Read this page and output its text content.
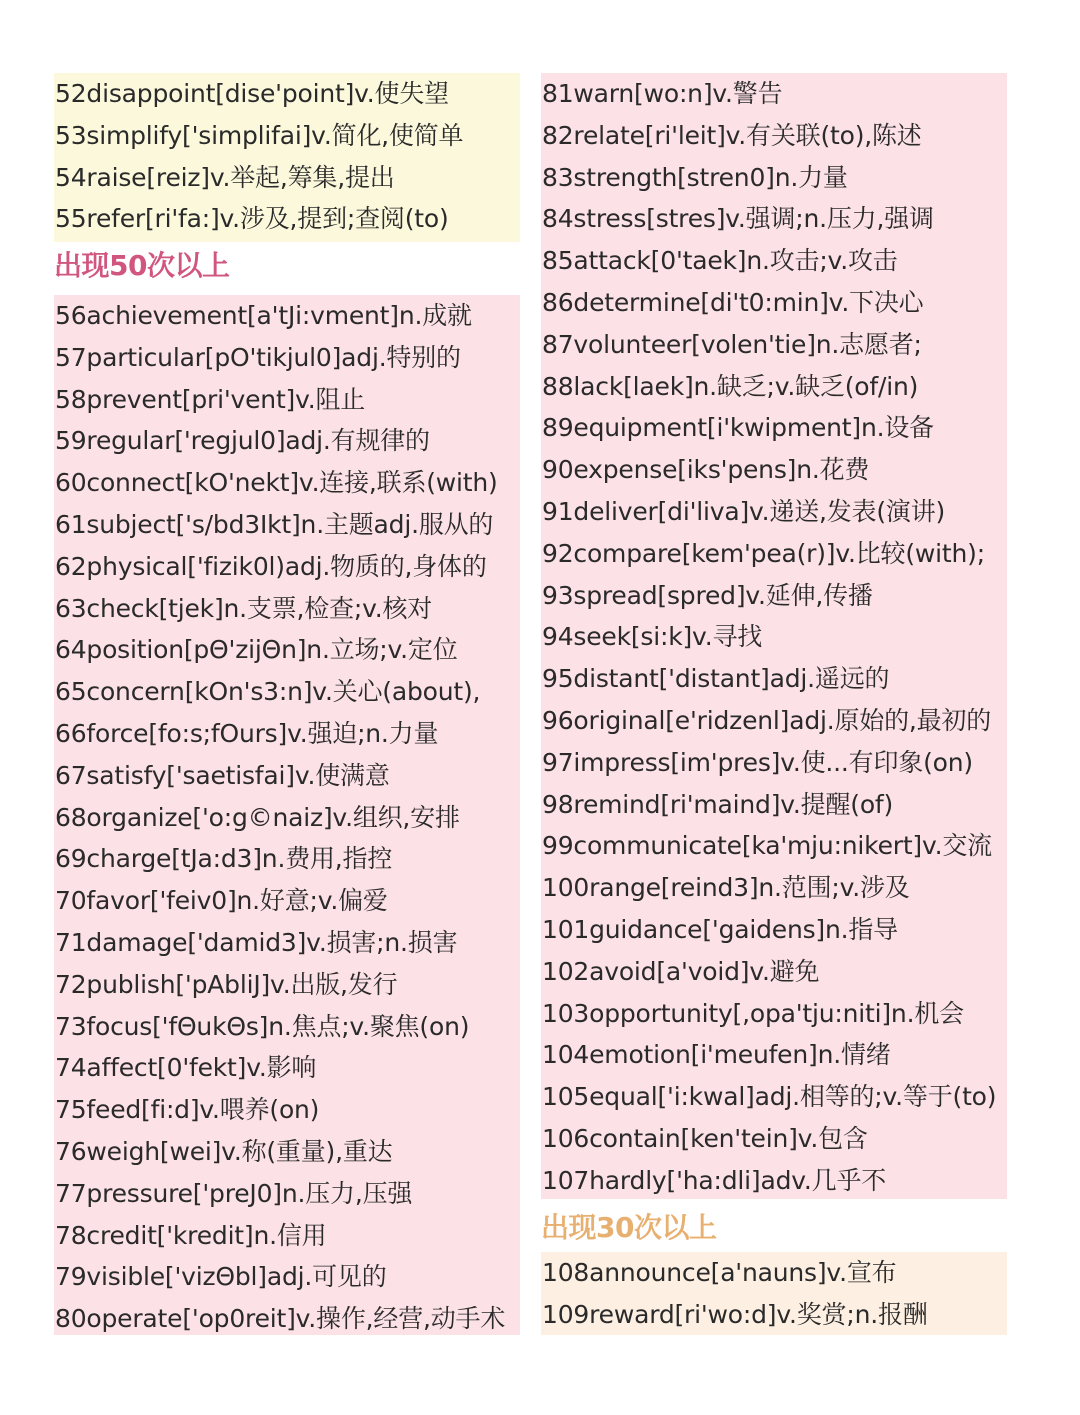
52disappoint[dise'point]v.使失望
53simplify['simplifai]v.简化,使简单
54raise[reiz]v.举起,筹集,提出
55refer[ri'fa:]v.涉及,提到;查阅(to)
出现50次以上
56achievement[a'tJi:vment]n.成就
57particular[pO'tikjul0]adj.特别的
58prevent[pri'vent]v.阻止
59regular['regjul0]adj.有规律的
60connect[kO'nekt]v.连接,联系(with)
61subject['s/bd3Ikt]n.主题adj.服从的
62physical['fizik0l)adj.物质的,身体的
63check[tjek]n.支票,检查;v.核对
64position[pΘ'zijΘn]n.立场;v.定位
65concern[kOn's3:n]v.关心(about),
66force[fo:s;fOurs]v.强迫;n.力量
67satisfy['saetisfai]v.使满意
68organize['o:g©naiz]v.组织,安排
69charge[tJa:d3]n.费用,指控
70favor['feiv0]n.好意;v.偏爱
71damage['damid3]v.损害;n.损害
72publish['pAbliJ]v.出版,发行
73focus['fΘukΘs]n.焦点;v.聚焦(on)
74affect[0'fekt]v.影响
75feed[fi:d]v.喂养(on)
76weigh[wei]v.称(重量),重达
77pressure['preJ0]n.压力,压强
78credit['kredit]n.信用
79visible['vizΘbl]adj.可见的
80operate['op0reit]v.操作,经营,动手术
81warn[wo:n]v.警告
82relate[ri'leit]v.有关联(to),陈述
83strength[stren0]n.力量
84stress[stres]v.强调;n.压力,强调
85attack[0'taek]n.攻击;v.攻击
86determine[di't0:min]v.下决心
87volunteer[volen'tie]n.志愿者;
88lack[laek]n.缺乏;v.缺乏(of/in)
89equipment[i'kwipment]n.设备
90expense[iks'pens]n.花费
91deliver[di'liva]v.递送,发表(演讲)
92compare[kem'pea(r)]v.比较(with);
93spread[spred]v.延伸,传播
94seek[si:k]v.寻找
95distant['distant]adj.遥远的
96original[e'ridzenl]adj.原始的,最初的
97impress[im'pres]v.使...有印象(on)
98remind[ri'maind]v.提醒(of)
99communicate[ka'mju:nikert]v.交流
100range[reind3]n.范围;v.涉及
101guidance['gaidens]n.指导
102avoid[a'void]v.避免
103opportunity[,opa'tju:niti]n.机会
104emotion[i'meufen]n.情绪
105equal['i:kwal]adj.相等的;v.等于(to)
106contain[ken'tein]v.包含
107hardly['ha:dli]adv.几乎不
出现30次以上
108announce[a'nauns]v.宣布
109reward[ri'wo:d]v.奖赏;n.报酬
